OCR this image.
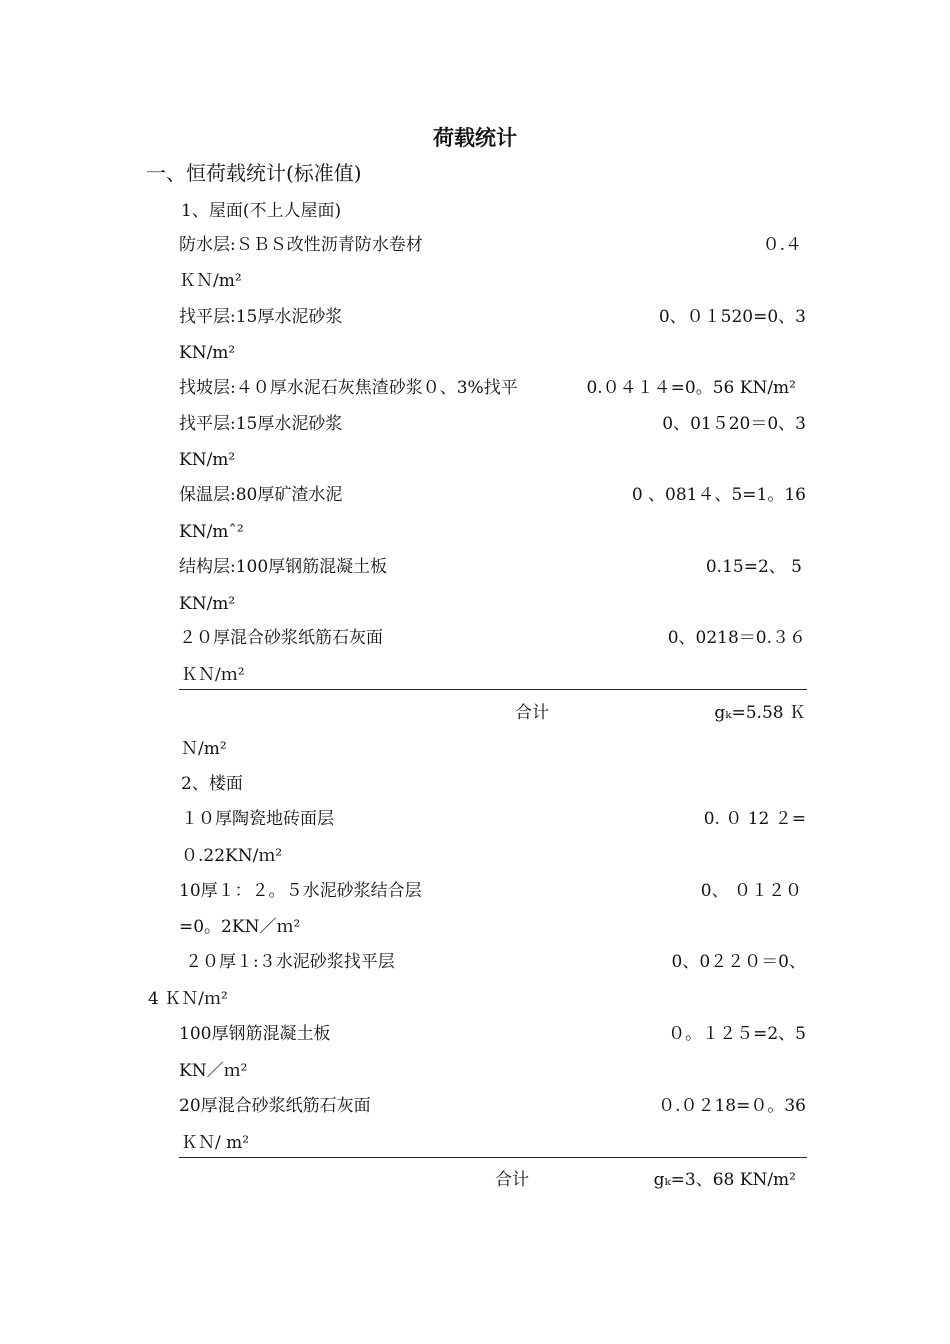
荷载统计
一、恒荷载统计(标准值)
1、屋面(不上人屋面)
防水层:ＳＢＳ改性沥青防水卷材	０.４
ＫＮ/m²
找平层:15厚水泥砂浆	0、０１520=0、3
KN/m²
找坡层:４０厚水泥石灰焦渣砂浆０、3%找平	0.０４１４=0。56 KN/m²
找平层:15厚水泥砂浆	0、01５20＝0、3
KN/m²
保温层:80厚矿渣水泥	0 、081４、5=1。16
KN/mˆ²
结构层:100厚钢筋混凝土板	0.15=2、 5
KN/m²
２０厚混合砂浆纸筋石灰面	0、0218＝0.３６
ＫＮ/ｍ²
合计	gₖ=5.58 Ｋ
Ｎ/m²
2、楼面
１０厚陶瓷地砖面层	0. ０ 12 ２=
０.22KN/ｍ²
10厚１：２。５水泥砂浆结合层	0、 ０１２０
=0。2KN／ｍ²
２０厚１:３水泥砂浆找平层	0、0２２０＝0、
4 ＫＮ/ｍ²
100厚钢筋混凝土板	０。１２５=2、5
KN／ｍ²
20厚混合砂浆纸筋石灰面	０.０２18=０。36
ＫＮ/ m²
合计	gₖ=3、68 KN/m²
